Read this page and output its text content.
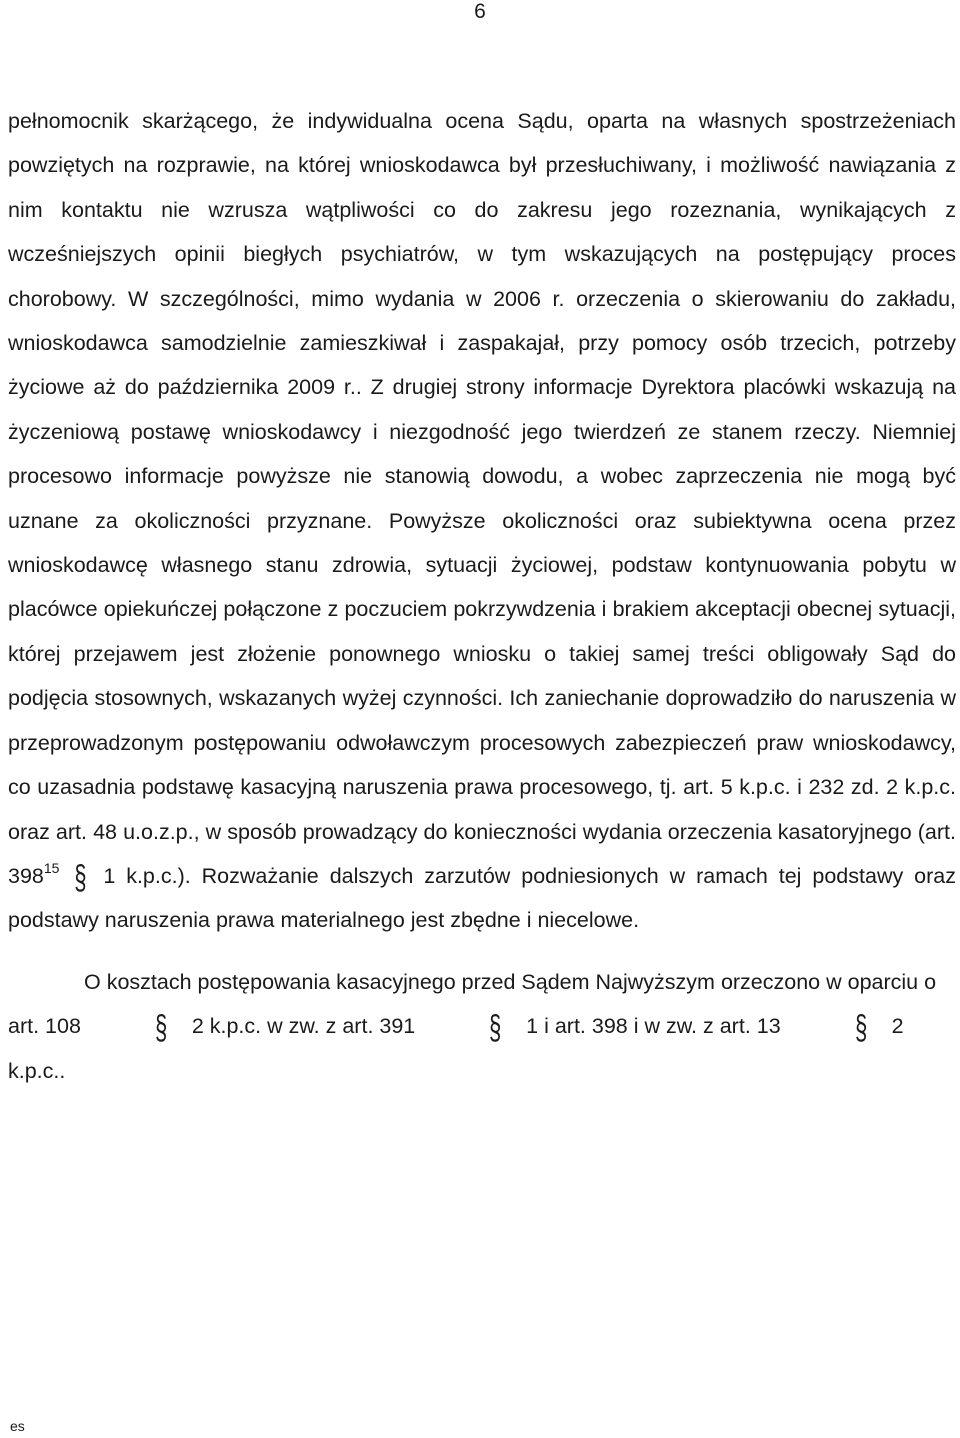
6

pełnomocnik skarżącego, że indywidualna ocena Sądu, oparta na własnych spostrzeżeniach powziętych na rozprawie, na której wnioskodawca był przesłuchiwany, i możliwość nawiązania z nim kontaktu nie wzrusza wątpliwości co do zakresu jego rozeznania, wynikających z wcześniejszych opinii biegłych psychiatrów, w tym wskazujących na postępujący proces chorobowy. W szczególności, mimo wydania w 2006 r. orzeczenia o skierowaniu do zakładu, wnioskodawca samodzielnie zamieszkiwał i zaspakajał, przy pomocy osób trzecich, potrzeby życiowe aż do października 2009 r.. Z drugiej strony informacje Dyrektora placówki wskazują na życzeniową postawę wnioskodawcy i niezgodność jego twierdzeń ze stanem rzeczy. Niemniej procesowo informacje powyższe nie stanowią dowodu, a wobec zaprzeczenia nie mogą być uznane za okoliczności przyznane. Powyższe okoliczności oraz subiektywna ocena przez wnioskodawcę własnego stanu zdrowia, sytuacji życiowej, podstaw kontynuowania pobytu w placówce opiekuńczej połączone z poczuciem pokrzywdzenia i brakiem akceptacji obecnej sytuacji, której przejawem jest złożenie ponownego wniosku o takiej samej treści obligowały Sąd do podjęcia stosownych, wskazanych wyżej czynności. Ich zaniechanie doprowadziło do naruszenia w przeprowadzonym postępowaniu odwoławczym procesowych zabezpieczeń praw wnioskodawcy, co uzasadnia podstawę kasacyjną naruszenia prawa procesowego, tj. art. 5 k.p.c. i 232 zd. 2 k.p.c. oraz art. 48 u.o.z.p., w sposób prowadzący do konieczności wydania orzeczenia kasatoryjnego (art. $398^{15}$ § 1 k.p.c.). Rozważanie dalszych zarzutów podniesionych w ramach tej podstawy oraz podstawy naruszenia prawa materialnego jest zbędne i niecelowe.

O kosztach postępowania kasacyjnego przed Sądem Najwyższym orzeczono w oparciu o art. 108 § 2 k.p.c. w zw. z art. 391 § 1 i art. 398 i w zw. z art. 13 § 2 k.p.c..

es
